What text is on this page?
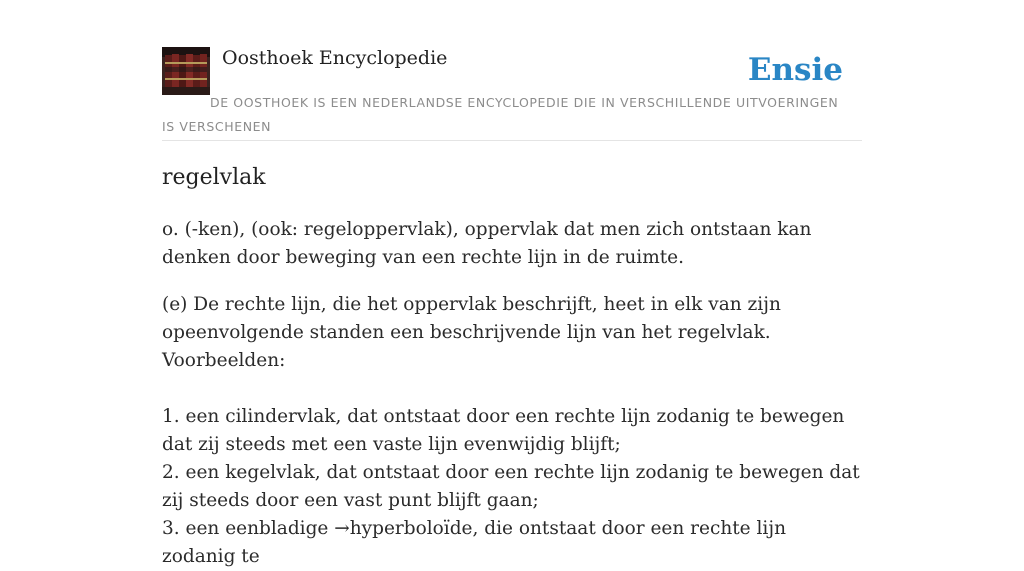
Oosthoek Encyclopedie	Ensie
DE OOSTHOEK IS EEN NEDERLANDSE ENCYCLOPEDIE DIE IN VERSCHILLENDE UITVOERINGEN IS VERSCHENEN
regelvlak

o. (-ken), (ook: regeloppervlak), oppervlak dat men zich ontstaan kan denken door beweging van een rechte lijn in de ruimte.

(e) De rechte lijn, die het oppervlak beschrijft, heet in elk van zijn opeenvolgende standen een beschrijvende lijn van het regelvlak. Voorbeelden:

1. een cilindervlak, dat ontstaat door een rechte lijn zodanig te bewegen dat zij steeds met een vaste lijn evenwijdig blijft;

2. een kegelvlak, dat ontstaat door een rechte lijn zodanig te bewegen dat zij steeds door een vast punt blijft gaan;

3. een eenbladige →hyperboloïde, die ontstaat door een rechte lijn zodanig te
